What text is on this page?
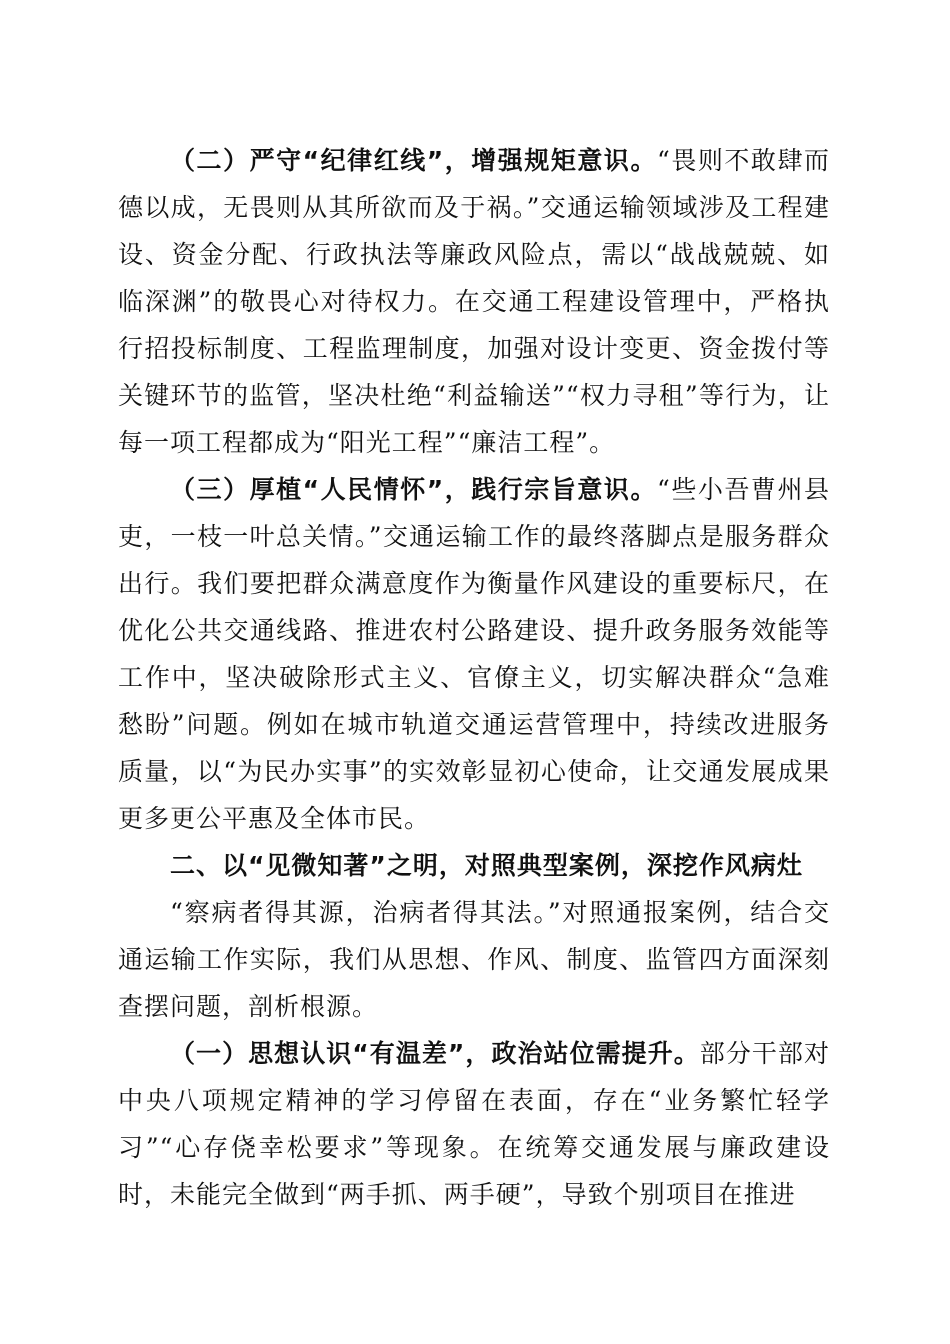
（二）严守“纪律红线”，增强规矩意识。“畏则不敢肆而德以成，无畏则从其所欲而及于祸。”交通运输领域涉及工程建设、资金分配、行政执法等廉政风险点，需以“战战兢兢、如临深渊”的敬畏心对待权力。在交通工程建设管理中，严格执行招投标制度、工程监理制度，加强对设计变更、资金拨付等关键环节的监管，坚决杜绝“利益输送”“权力寻租”等行为，让每一项工程都成为“阳光工程”“廉洁工程”。

（三）厚植“人民情怀”，践行宗旨意识。“些小吾曹州县吏，一枝一叶总关情。”交通运输工作的最终落脚点是服务群众出行。我们要把群众满意度作为衡量作风建设的重要标尺，在优化公共交通线路、推进农村公路建设、提升政务服务效能等工作中，坚决破除形式主义、官僚主义，切实解决群众“急难愁盼”问题。例如在城市轨道交通运营管理中，持续改进服务质量，以“为民办实事”的实效彰显初心使命，让交通发展成果更多更公平惠及全体市民。

二、以“见微知著”之明，对照典型案例，深挖作风病灶

“察病者得其源，治病者得其法。”对照通报案例，结合交通运输工作实际，我们从思想、作风、制度、监管四方面深刻查摆问题，剖析根源。

（一）思想认识“有温差”，政治站位需提升。部分干部对中央八项规定精神的学习停留在表面，存在“业务繁忙轻学习”“心存侥幸松要求”等现象。在统筹交通发展与廉政建设时，未能完全做到“两手抓、两手硬”，导致个别项目在推进
